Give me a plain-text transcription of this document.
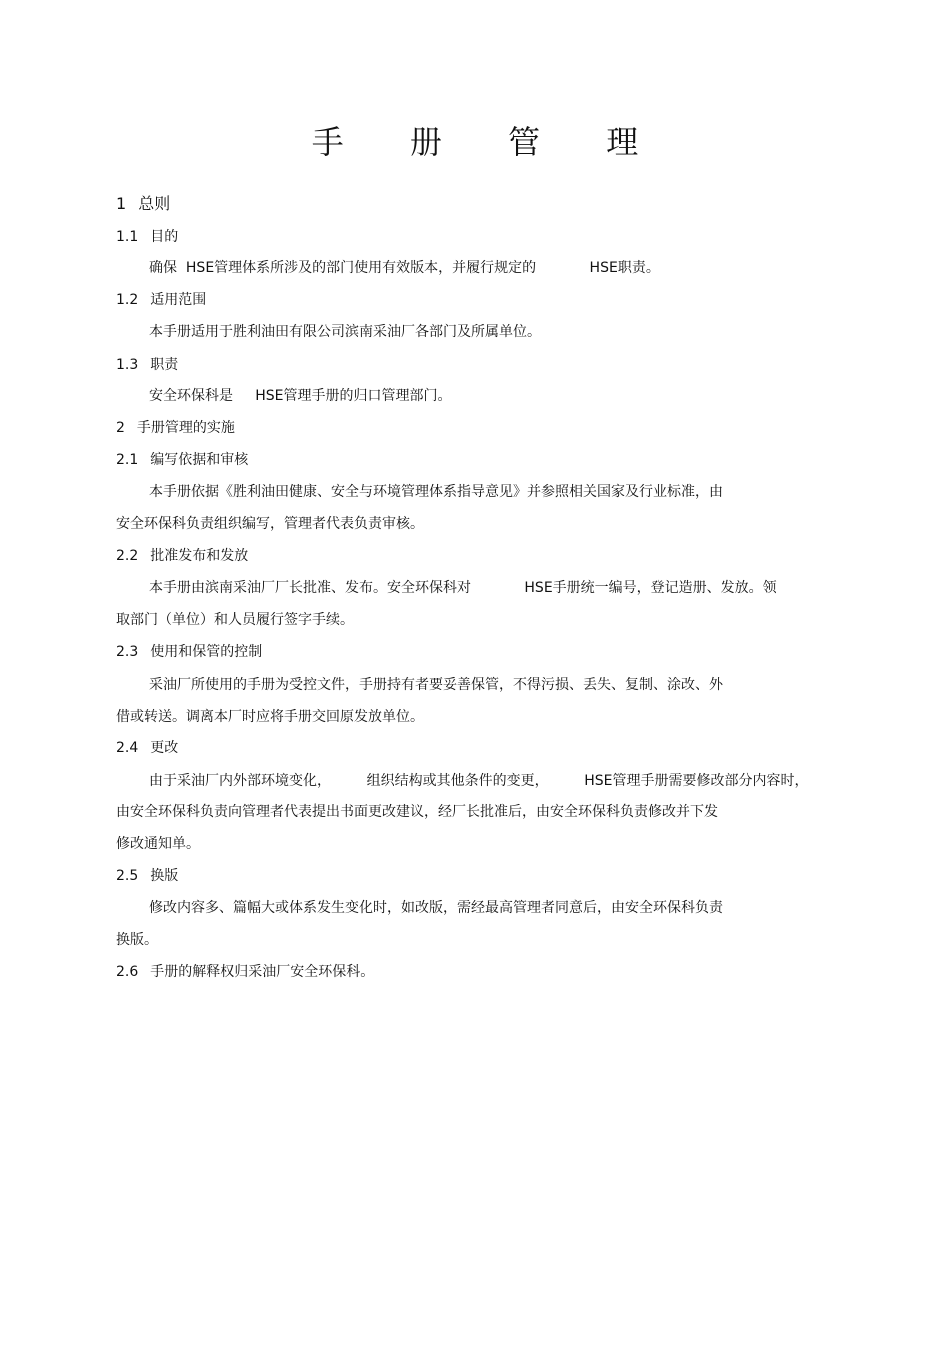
手 册 管 理
1 总则
1.1 目的
确保  HSE管理体系所涉及的部门使用有效版本，并履行规定的            HSE职责。
1.2 适用范围
本手册适用于胜利油田有限公司滨南采油厂各部门及所属单位。
1.3 职责
安全环保科是     HSE管理手册的归口管理部门。
2 手册管理的实施
2.1 编写依据和审核
本手册依据《胜利油田健康、安全与环境管理体系指导意见》并参照相关国家及行业标准，由
安全环保科负责组织编写，管理者代表负责审核。
2.2 批准发布和发放
本手册由滨南采油厂厂长批准、发布。安全环保科对            HSE手册统一编号，登记造册、发放。领
取部门（单位）和人员履行签字手续。
2.3 使用和保管的控制
采油厂所使用的手册为受控文件，手册持有者要妥善保管，不得污损、丢失、复制、涂改、外
借或转送。调离本厂时应将手册交回原发放单位。
2.4 更改
由于采油厂内外部环境变化，        组织结构或其他条件的变更，        HSE管理手册需要修改部分内容时，
由安全环保科负责向管理者代表提出书面更改建议，经厂长批准后，由安全环保科负责修改并下发
修改通知单。
2.5 换版
修改内容多、篇幅大或体系发生变化时，如改版，需经最高管理者同意后，由安全环保科负责
换版。
2.6 手册的解释权归采油厂安全环保科。
